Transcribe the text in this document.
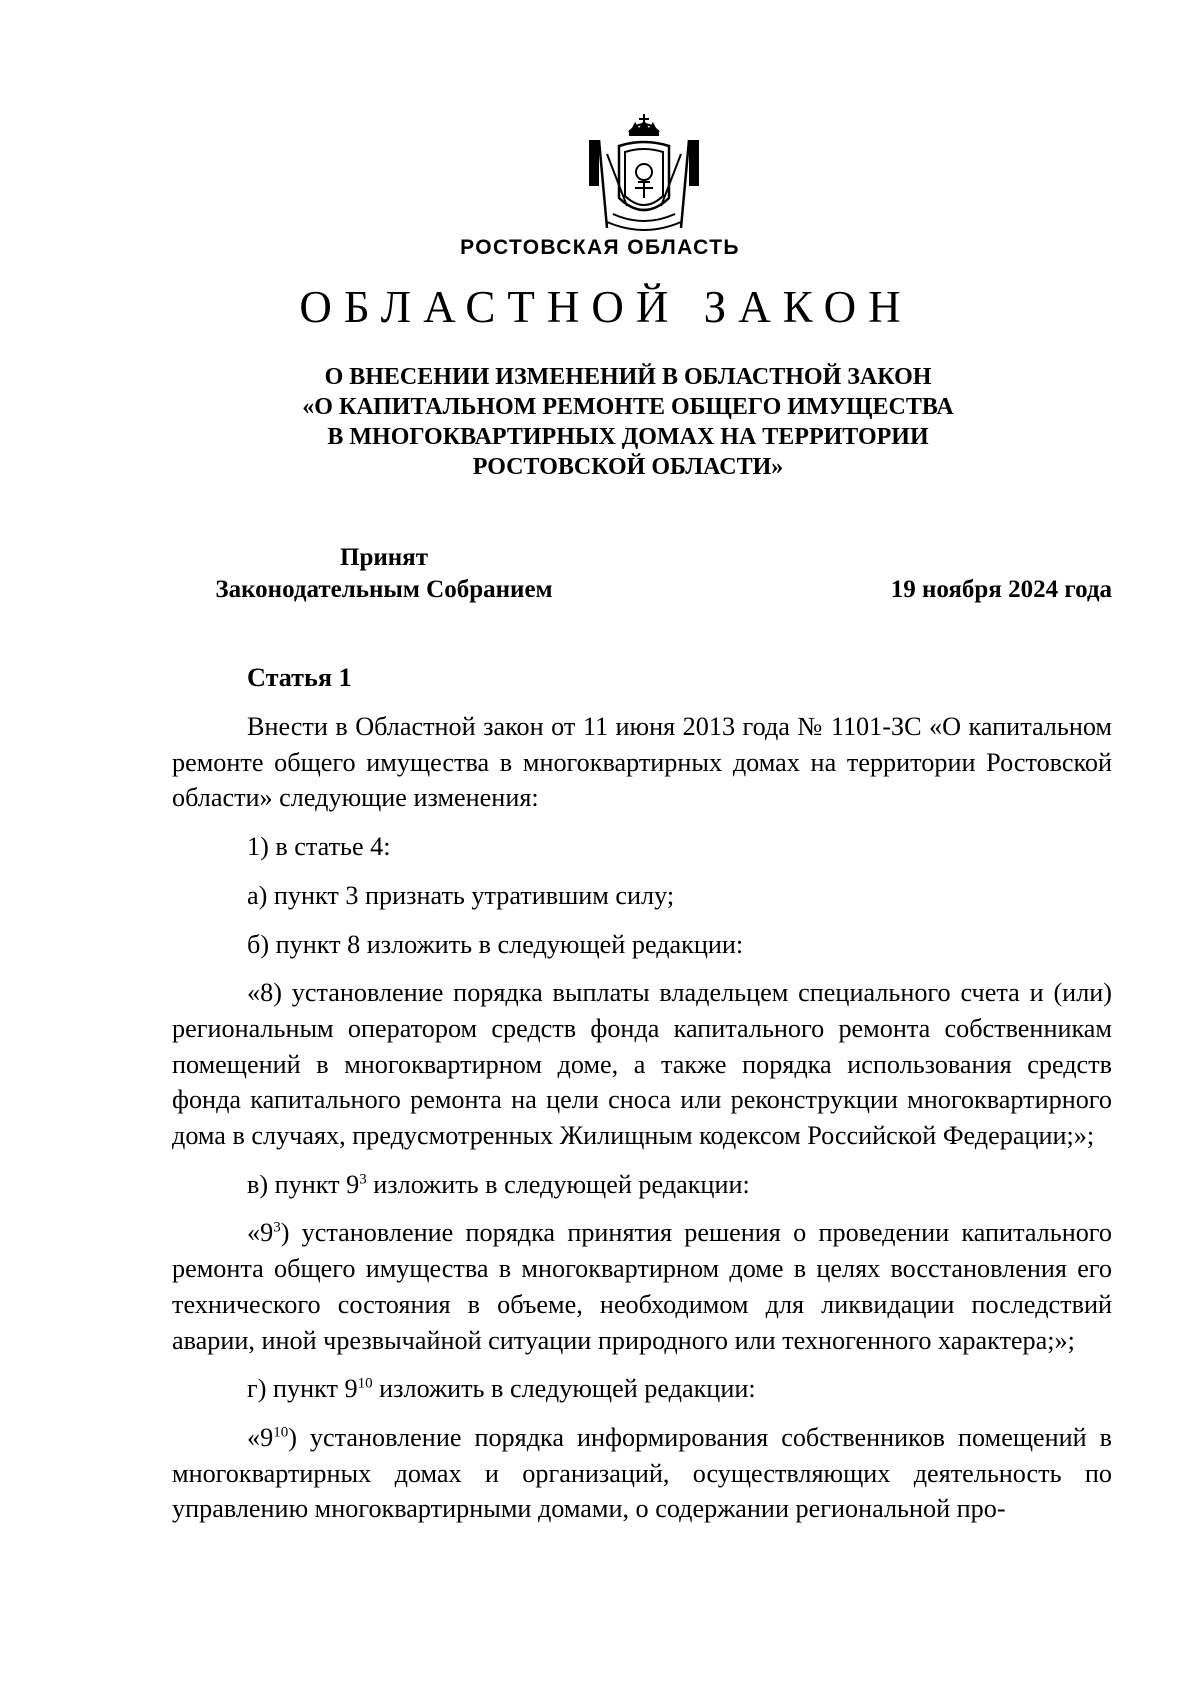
РОСТОВСКАЯ ОБЛАСТЬ
ОБЛАСТНОЙ ЗАКОН
О ВНЕСЕНИИ ИЗМЕНЕНИЙ В ОБЛАСТНОЙ ЗАКОН
«О КАПИТАЛЬНОМ РЕМОНТЕ ОБЩЕГО ИМУЩЕСТВА
В МНОГОКВАРТИРНЫХ ДОМАХ НА ТЕРРИТОРИИ
РОСТОВСКОЙ ОБЛАСТИ»
Принят
Законодательным Собранием	19 ноября 2024 года
Статья 1

Внести в Областной закон от 11 июня 2013 года № 1101-ЗС «О капитальном ремонте общего имущества в многоквартирных домах на территории Ростовской области» следующие изменения:

1) в статье 4:

а) пункт 3 признать утратившим силу;

б) пункт 8 изложить в следующей редакции:

«8) установление порядка выплаты владельцем специального счета и (или) региональным оператором средств фонда капитального ремонта собственникам помещений в многоквартирном доме, а также порядка использования средств фонда капитального ремонта на цели сноса или реконструкции многоквартирного дома в случаях, предусмотренных Жилищным кодексом Российской Федерации;»;

в) пункт $9^3$ изложить в следующей редакции:

«$9^3$) установление порядка принятия решения о проведении капитального ремонта общего имущества в многоквартирном доме в целях восстановления его технического состояния в объеме, необходимом для ликвидации последствий аварии, иной чрезвычайной ситуации природного или техногенного характера;»;

г) пункт $9^{10}$ изложить в следующей редакции:

«$9^{10}$) установление порядка информирования собственников помещений в многоквартирных домах и организаций, осуществляющих деятельность по управлению многоквартирными домами, о содержании региональной про-
